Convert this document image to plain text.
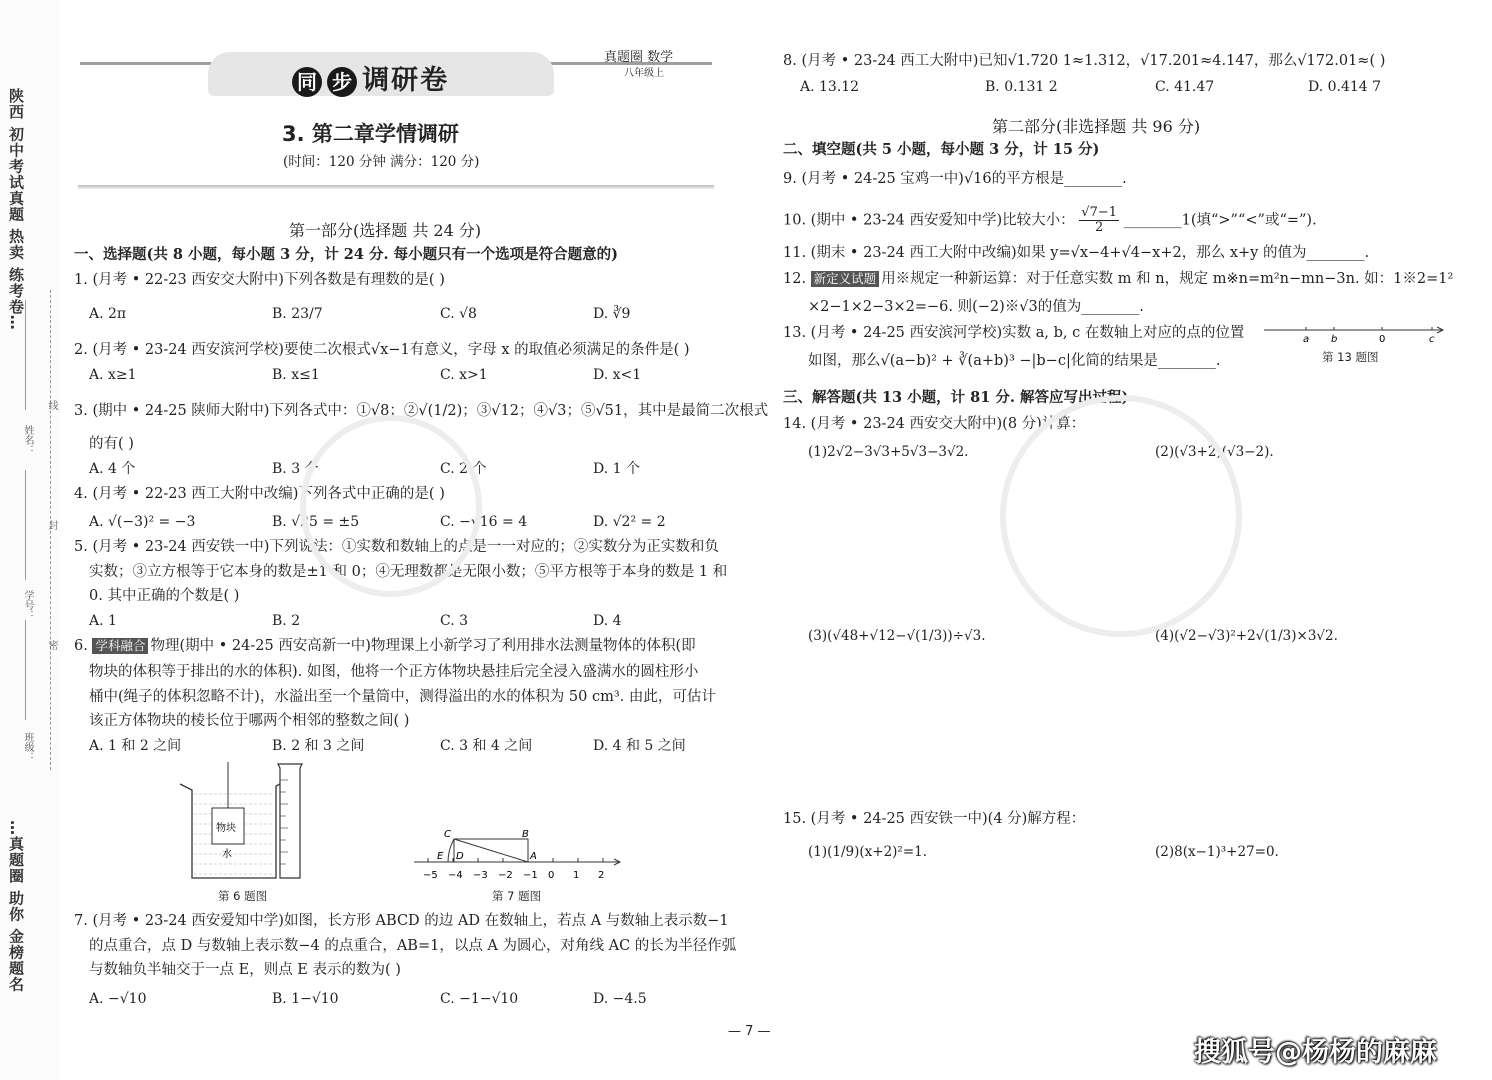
陕西 初中考试真题 热卖 练考卷…
线
封
密
姓名：
学号：
班级：
…真题圈 助你 金榜题名
同 步 调研卷
真题圈 数学
八年级上
3. 第二章学情调研
(时间：120 分钟 满分：120 分)
第一部分(选择题 共 24 分)
一、选择题(共 8 小题，每小题 3 分，计 24 分. 每小题只有一个选项是符合题意的)
1. (月考 • 22-23 西安交大附中)下列各数是有理数的是( )
A. 2π	B. 23/7	C. √8	D. ∛9
2. (月考 • 23-24 西安滨河学校)要使二次根式√x−1有意义，字母 x 的取值必须满足的条件是( )
A. x≥1	B. x≤1	C. x>1	D. x<1
3. (期中 • 24-25 陕师大附中)下列各式中：①√8；②√(1/2)；③√12；④√3；⑤√51，其中是最简二次根式
的有( )
A. 4 个	B. 3 个	C. 2 个	D. 1 个
4. (月考 • 22-23 西工大附中改编)下列各式中正确的是( )
A. √(−3)² = −3	B. √25 = ±5	C. −√16 = 4	D. √2² = 2
5. (月考 • 23-24 西安铁一中)下列说法：①实数和数轴上的点是一一对应的；②实数分为正实数和负
实数；③立方根等于它本身的数是±1 和 0；④无理数都是无限小数；⑤平方根等于本身的数是 1 和
0. 其中正确的个数是( )
A. 1	B. 2	C. 3	D. 4
6. 学科融合 物理(期中 • 24-25 西安高新一中)物理课上小新学习了利用排水法测量物体的体积(即
物块的体积等于排出的水的体积). 如图，他将一个正方体物块悬挂后完全浸入盛满水的圆柱形小
桶中(绳子的体积忽略不计)，水溢出至一个量筒中，测得溢出的水的体积为 50 cm³. 由此，可估计
该正方体物块的棱长位于哪两个相邻的整数之间( )
A. 1 和 2 之间	B. 2 和 3 之间	C. 3 和 4 之间	D. 4 和 5 之间
物块
水
第 6 题图
−5 −4 −3 −2 −1 0 1 2
C	B
E D	A
第 7 题图
7. (月考 • 23-24 西安爱知中学)如图，长方形 ABCD 的边 AD 在数轴上，若点 A 与数轴上表示数−1
的点重合，点 D 与数轴上表示数−4 的点重合，AB=1，以点 A 为圆心，对角线 AC 的长为半径作弧
与数轴负半轴交于一点 E，则点 E 表示的数为( )
A. −√10	B. 1−√10	C. −1−√10	D. −4.5
— 7 —
8. (月考 • 23-24 西工大附中)已知√1.720 1≈1.312，√17.201≈4.147，那么√172.01≈( )
A. 13.12	B. 0.131 2	C. 41.47	D. 0.414 7
第二部分(非选择题 共 96 分)
二、填空题(共 5 小题，每小题 3 分，计 15 分)
9. (月考 • 24-25 宝鸡一中)√16的平方根是________.
10. (期中 • 23-24 西安爱知中学)比较大小： $\frac{√7-1}{2}$ ________1(填“>”“<”或“=”).
11. (期末 • 23-24 西工大附中改编)如果 y=√x−4+√4−x+2，那么 x+y 的值为________.
12. 新定义试题 用※规定一种新运算：对于任意实数 m 和 n，规定 m※n=m²n−mn−3n. 如：1※2=1²
×2−1×2−3×2=−6. 则(−2)※√3的值为________.
13. (月考 • 24-25 西安滨河学校)实数 a, b, c 在数轴上对应的点的位置
如图，那么√(a−b)² + ∛(a+b)³ −|b−c|化简的结果是________.
a b	0	c
第 13 题图
三、解答题(共 13 小题，计 81 分. 解答应写出过程)
14. (月考 • 23-24 西安交大附中)(8 分)计算：
(1)2√2−3√3+5√3−3√2.	(2)(√3+2)(√3−2).
(3)(√48+√12−√(1/3))÷√3.	(4)(√2−√3)²+2√(1/3)×3√2.
15. (月考 • 24-25 西安铁一中)(4 分)解方程：
(1)(1/9)(x+2)²=1.	(2)8(x−1)³+27=0.
搜狐号@杨杨的麻麻
